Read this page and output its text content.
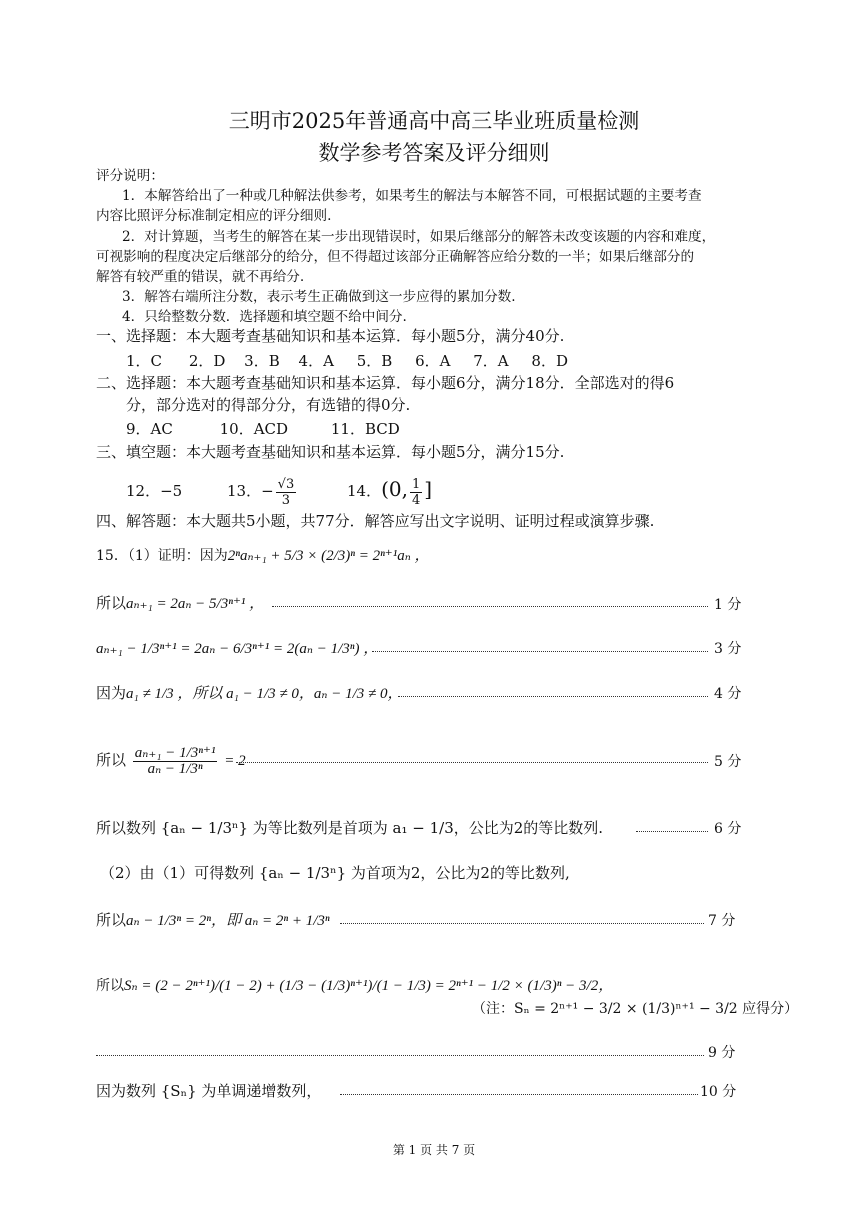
三明市2025年普通高中高三毕业班质量检测
数学参考答案及评分细则
评分说明：
1．本解答给出了一种或几种解法供参考，如果考生的解法与本解答不同，可根据试题的主要考查
内容比照评分标准制定相应的评分细则.
2．对计算题，当考生的解答在某一步出现错误时，如果后继部分的解答未改变该题的内容和难度，
可视影响的程度决定后继部分的给分，但不得超过该部分正确解答应给分数的一半；如果后继部分的
解答有较严重的错误，就不再给分.
3．解答右端所注分数，表示考生正确做到这一步应得的累加分数.
4．只给整数分数．选择题和填空题不给中间分.
一、选择题：本大题考查基础知识和基本运算．每小题5分，满分40分.
1．C 2．D 3．B 4．A 5．B 6．A 7．A 8．D
二、选择题：本大题考查基础知识和基本运算．每小题6分，满分18分．全部选对的得6
分，部分选对的得部分分，有选错的得0分.
9．AC	10．ACD	11．BCD
三、填空题：本大题考查基础知识和基本运算．每小题5分，满分15分.
12．−5	13．− $\frac{√3}{3}$	14．(0, $\frac{1}{4}$ ]
四、解答题：本大题共5小题，共77分．解答应写出文字说明、证明过程或演算步骤.
15．（1）证明：因为2ⁿaₙ₊₁ + 5/3 × (2/3)ⁿ = 2ⁿ⁺¹aₙ ，
所以aₙ₊₁ = 2aₙ − 5/3ⁿ⁺¹ ，	1 分
aₙ₊₁ − 1/3ⁿ⁺¹ = 2aₙ − 6/3ⁿ⁺¹ = 2(aₙ − 1/3ⁿ) ，	3 分
因为a₁ ≠ 1/3 ，所以 a₁ − 1/3 ≠ 0，aₙ − 1/3 ≠ 0，	4 分
所以 $\frac{\text{aₙ₊₁ − 1/3ⁿ⁺¹}}{\text{aₙ − 1/3ⁿ}} = 2$	5 分
所以数列 {aₙ − 1/3ⁿ} 为等比数列是首项为 a₁ − 1/3，公比为2的等比数列.	6 分
（2）由（1）可得数列 {aₙ − 1/3ⁿ} 为首项为2，公比为2的等比数列,
所以aₙ − 1/3ⁿ = 2ⁿ，即 aₙ = 2ⁿ + 1/3ⁿ	7 分
所以Sₙ = (2 − 2ⁿ⁺¹)/(1 − 2) + (1/3 − (1/3)ⁿ⁺¹)/(1 − 1/3) = 2ⁿ⁺¹ − 1/2 × (1/3)ⁿ − 3/2，
（注：Sₙ = 2ⁿ⁺¹ − 3/2 × (1/3)ⁿ⁺¹ − 3/2 应得分）
9 分
因为数列 {Sₙ} 为单调递增数列，	10 分
第 1 页 共 7 页
